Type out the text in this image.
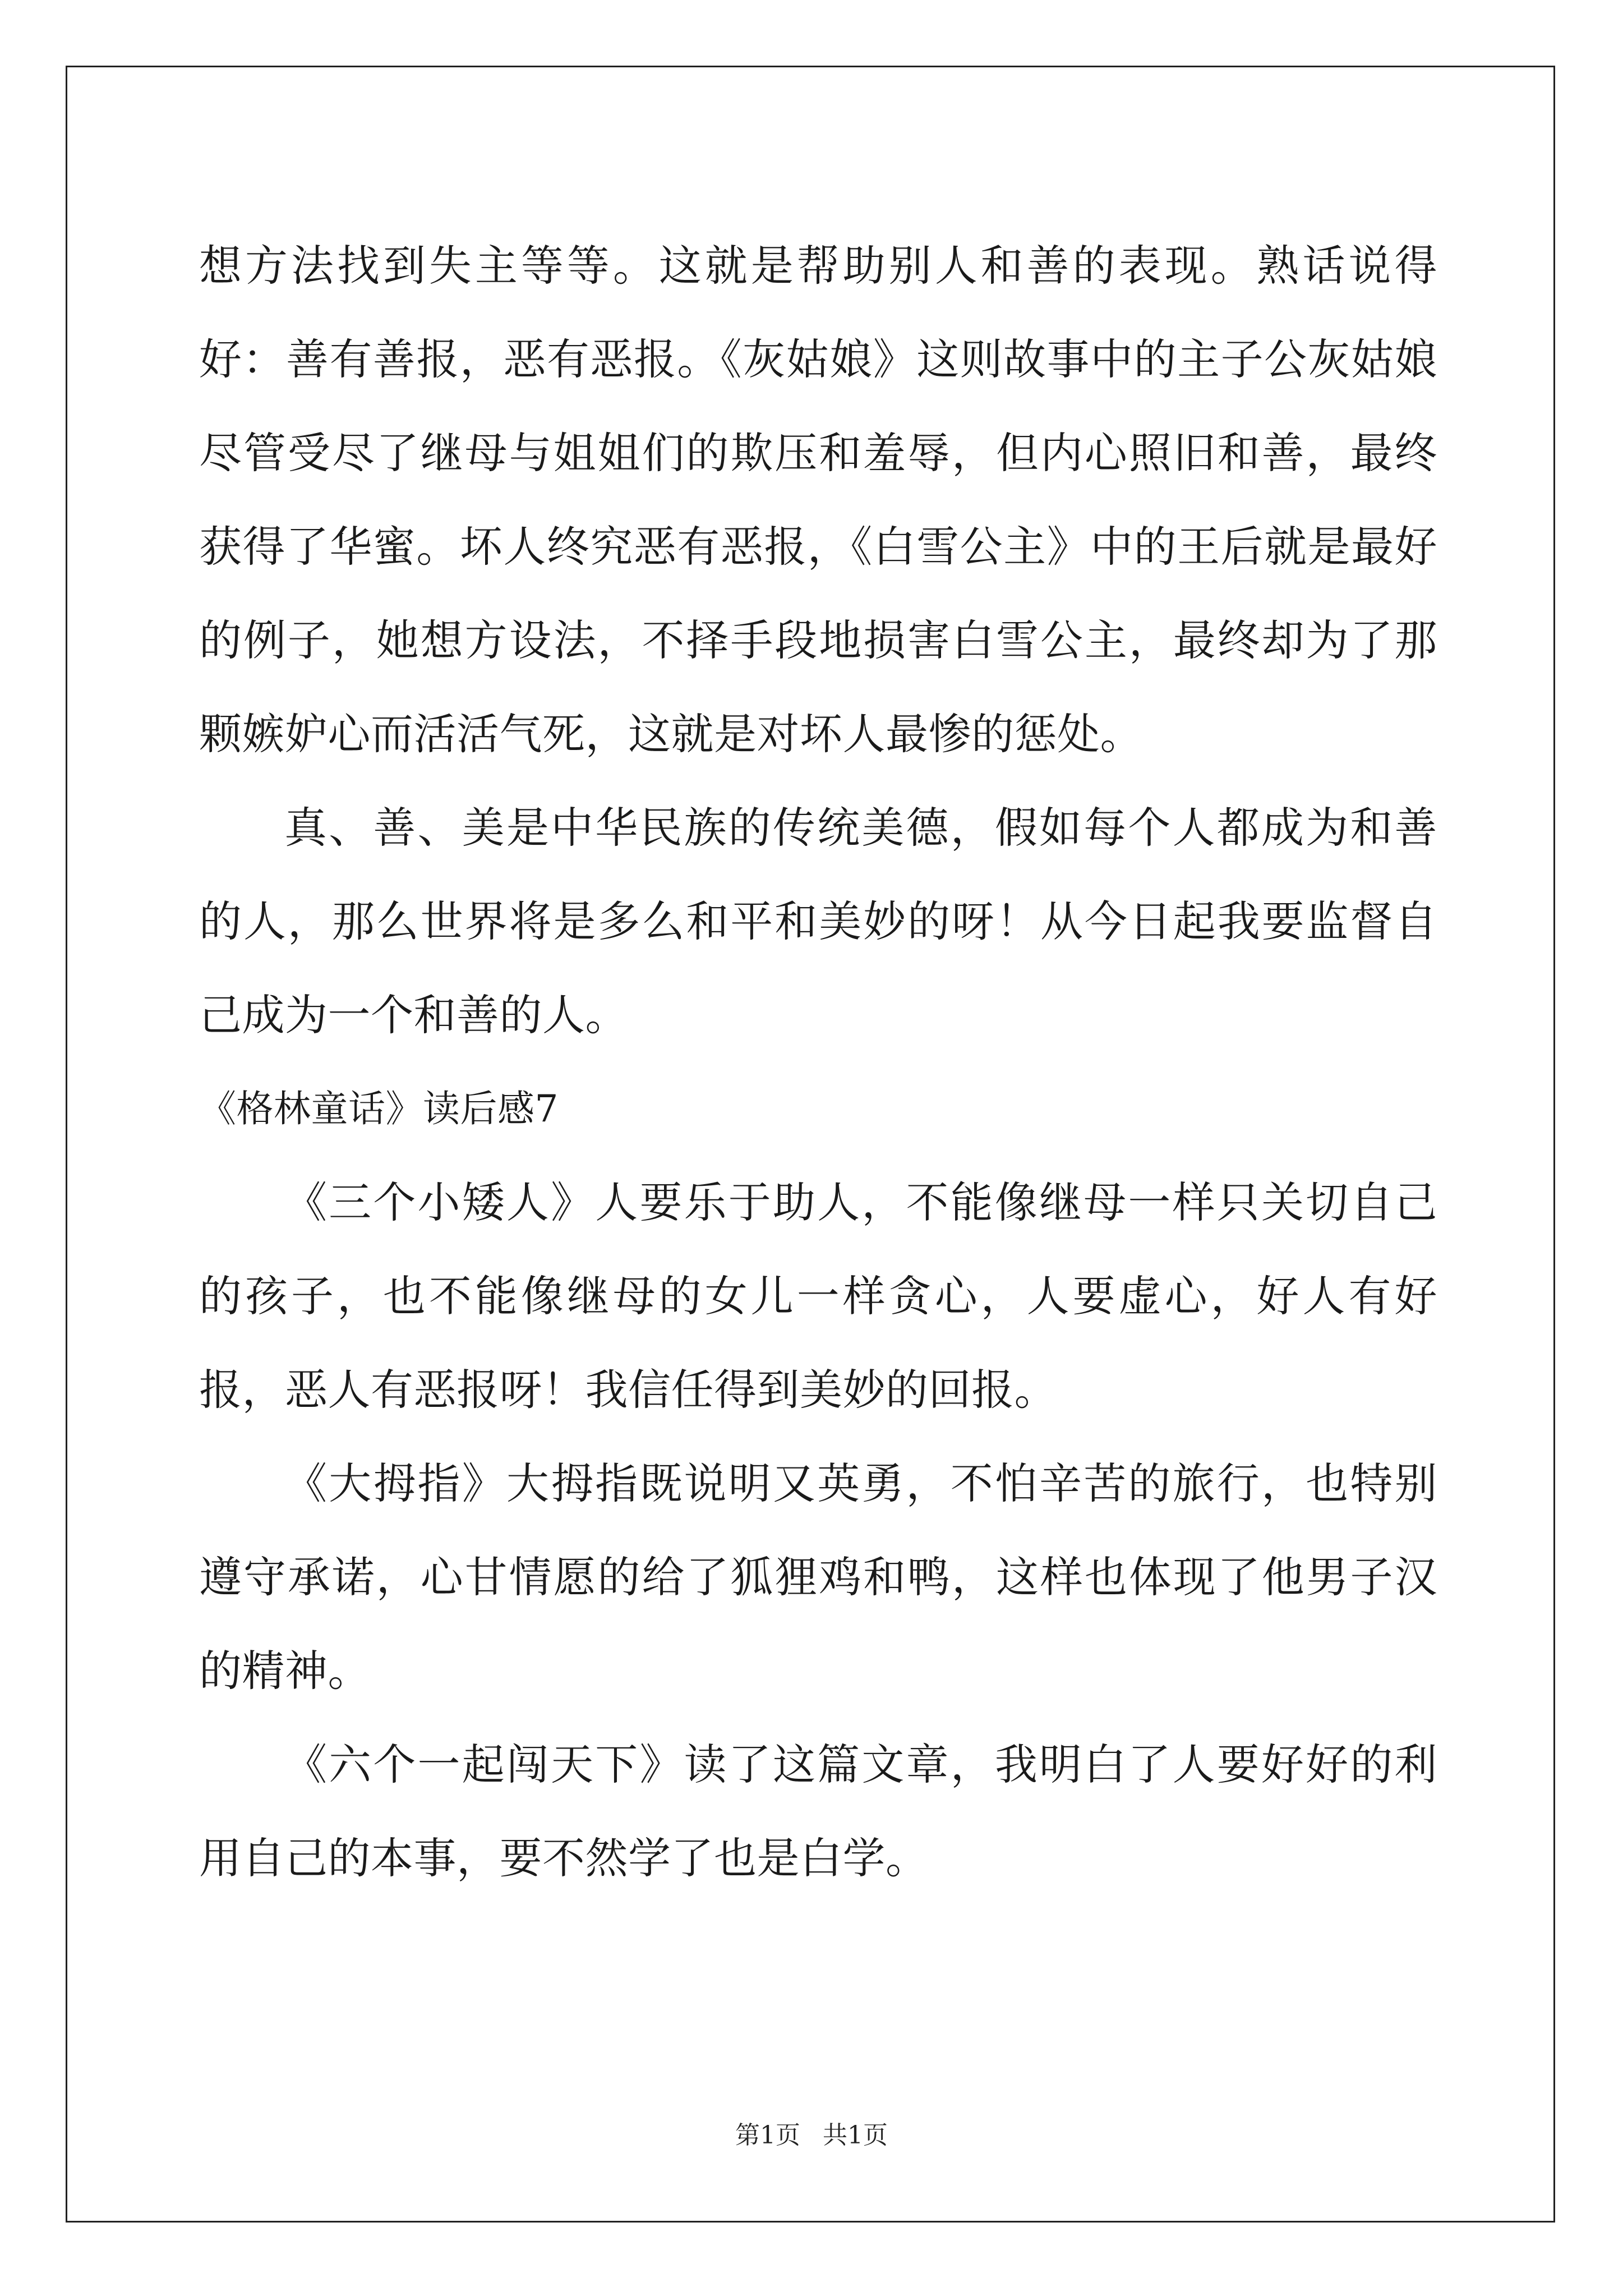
想方法找到失主等等。这就是帮助别人和善的表现。熟话说得好：善有善报，恶有恶报。《灰姑娘》这则故事中的主子公灰姑娘尽管受尽了继母与姐姐们的欺压和羞辱，但内心照旧和善，最终获得了华蜜。坏人终究恶有恶报，《白雪公主》中的王后就是最好的例子，她想方设法，不择手段地损害白雪公主，最终却为了那颗嫉妒心而活活气死，这就是对坏人最惨的惩处。

真、善、美是中华民族的传统美德，假如每个人都成为和善的人，那么世界将是多么和平和美妙的呀！从今日起我要监督自己成为一个和善的人。

《格林童话》读后感7

《三个小矮人》人要乐于助人，不能像继母一样只关切自己的孩子，也不能像继母的女儿一样贪心，人要虚心，好人有好报，恶人有恶报呀！我信任得到美妙的回报。

《大拇指》大拇指既说明又英勇，不怕辛苦的旅行，也特别遵守承诺，心甘情愿的给了狐狸鸡和鸭，这样也体现了他男子汉的精神。

《六个一起闯天下》读了这篇文章，我明白了人要好好的利用自己的本事，要不然学了也是白学。

第1页 共1页
